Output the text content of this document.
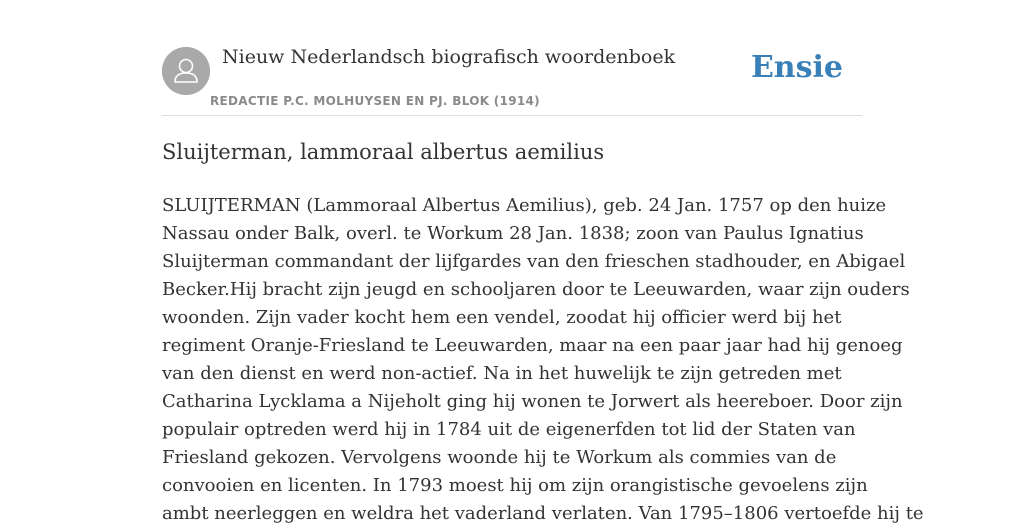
Nieuw Nederlandsch biografisch woordenboek
REDACTIE P.C. MOLHUYSEN EN PJ. BLOK (1914)
Ensie
Sluijterman, lammoraal albertus aemilius
SLUIJTERMAN (Lammoraal Albertus Aemilius), geb. 24 Jan. 1757 op den huize
Nassau onder Balk, overl. te Workum 28 Jan. 1838; zoon van Paulus Ignatius
Sluijterman commandant der lijfgardes van den frieschen stadhouder, en Abigael
Becker.Hij bracht zijn jeugd en schooljaren door te Leeuwarden, waar zijn ouders
woonden. Zijn vader kocht hem een vendel, zoodat hij officier werd bij het
regiment Oranje-Friesland te Leeuwarden, maar na een paar jaar had hij genoeg
van den dienst en werd non-actief. Na in het huwelijk te zijn getreden met
Catharina Lycklama a Nijeholt ging hij wonen te Jorwert als heereboer. Door zijn
populair optreden werd hij in 1784 uit de eigenerfden tot lid der Staten van
Friesland gekozen. Vervolgens woonde hij te Workum als commies van de
convooien en licenten. In 1793 moest hij om zijn orangistische gevoelens zijn
ambt neerleggen en weldra het vaderland verlaten. Van 1795–1806 vertoefde hij te
